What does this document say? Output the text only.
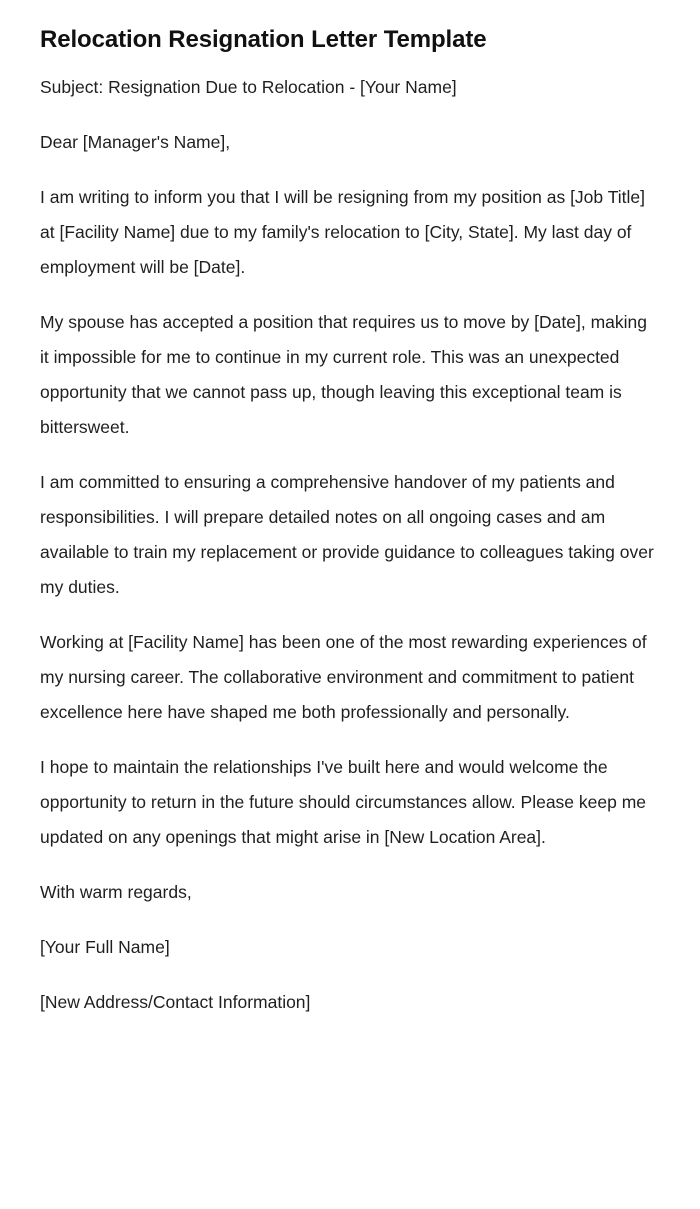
Relocation Resignation Letter Template

Subject: Resignation Due to Relocation - [Your Name]

Dear [Manager's Name],

I am writing to inform you that I will be resigning from my position as [Job Title] at [Facility Name] due to my family's relocation to [City, State]. My last day of employment will be [Date].

My spouse has accepted a position that requires us to move by [Date], making it impossible for me to continue in my current role. This was an unexpected opportunity that we cannot pass up, though leaving this exceptional team is bittersweet.

I am committed to ensuring a comprehensive handover of my patients and responsibilities. I will prepare detailed notes on all ongoing cases and am available to train my replacement or provide guidance to colleagues taking over my duties.

Working at [Facility Name] has been one of the most rewarding experiences of my nursing career. The collaborative environment and commitment to patient excellence here have shaped me both professionally and personally.

I hope to maintain the relationships I've built here and would welcome the opportunity to return in the future should circumstances allow. Please keep me updated on any openings that might arise in [New Location Area].

With warm regards,

[Your Full Name]

[New Address/Contact Information]
